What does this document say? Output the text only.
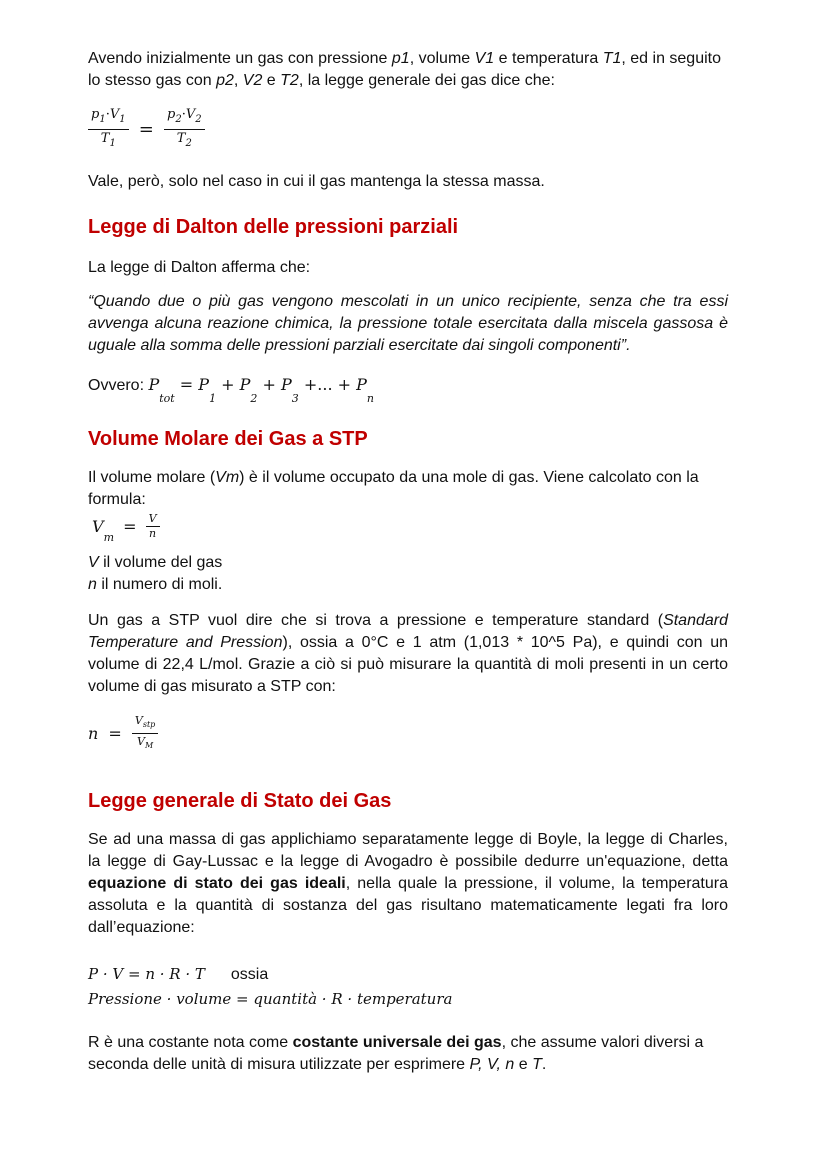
Avendo inizialmente un gas con pressione p1, volume V1 e temperatura T1, ed in seguito lo stesso gas con p2, V2 e T2, la legge generale dei gas dice che:

$\frac{p_1\cdot V_1}{T_1} = \frac{p_2\cdot V_2}{T_2}$

Vale, però, solo nel caso in cui il gas mantenga la stessa massa.

Legge di Dalton delle pressioni parziali

La legge di Dalton afferma che:

“Quando due o più gas vengono mescolati in un unico recipiente, senza che tra essi avvenga alcuna reazione chimica, la pressione totale esercitata dalla miscela gassosa è uguale alla somma delle pressioni parziali esercitate dai singoli componenti”.

Ovvero: $P_{tot} = P_1 + P_2 + P_3$ +... + $P_n$
Volume Molare dei Gas a STP

Il volume molare (Vm) è il volume occupato da una mole di gas. Viene calcolato con la formula:

$V_m = \frac{V}{n}$
V il volume del gas
n il numero di moli.

Un gas a STP vuol dire che si trova a pressione e temperature standard (Standard Temperature and Pression), ossia a 0°C e 1 atm (1,013 * 10^5 Pa), e quindi con un volume di 22,4 L/mol. Grazie a ciò si può misurare la quantità di moli presenti in un certo volume di gas misurato a STP con:

$n = \frac{V_{stp}}{V_M}$
Legge generale di Stato dei Gas

Se ad una massa di gas applichiamo separatamente legge di Boyle, la legge di Charles, la legge di Gay-Lussac e la legge di Avogadro è possibile dedurre un'equazione, detta equazione di stato dei gas ideali, nella quale la pressione, il volume, la temperatura assoluta e la quantità di sostanza del gas risultano matematicamente legati fra loro dall’equazione:

P · V = n · R · T ossia
Pressione · volume = quantità · R · temperatura

R è una costante nota come costante universale dei gas, che assume valori diversi a seconda delle unità di misura utilizzate per esprimere P, V, n e T.
